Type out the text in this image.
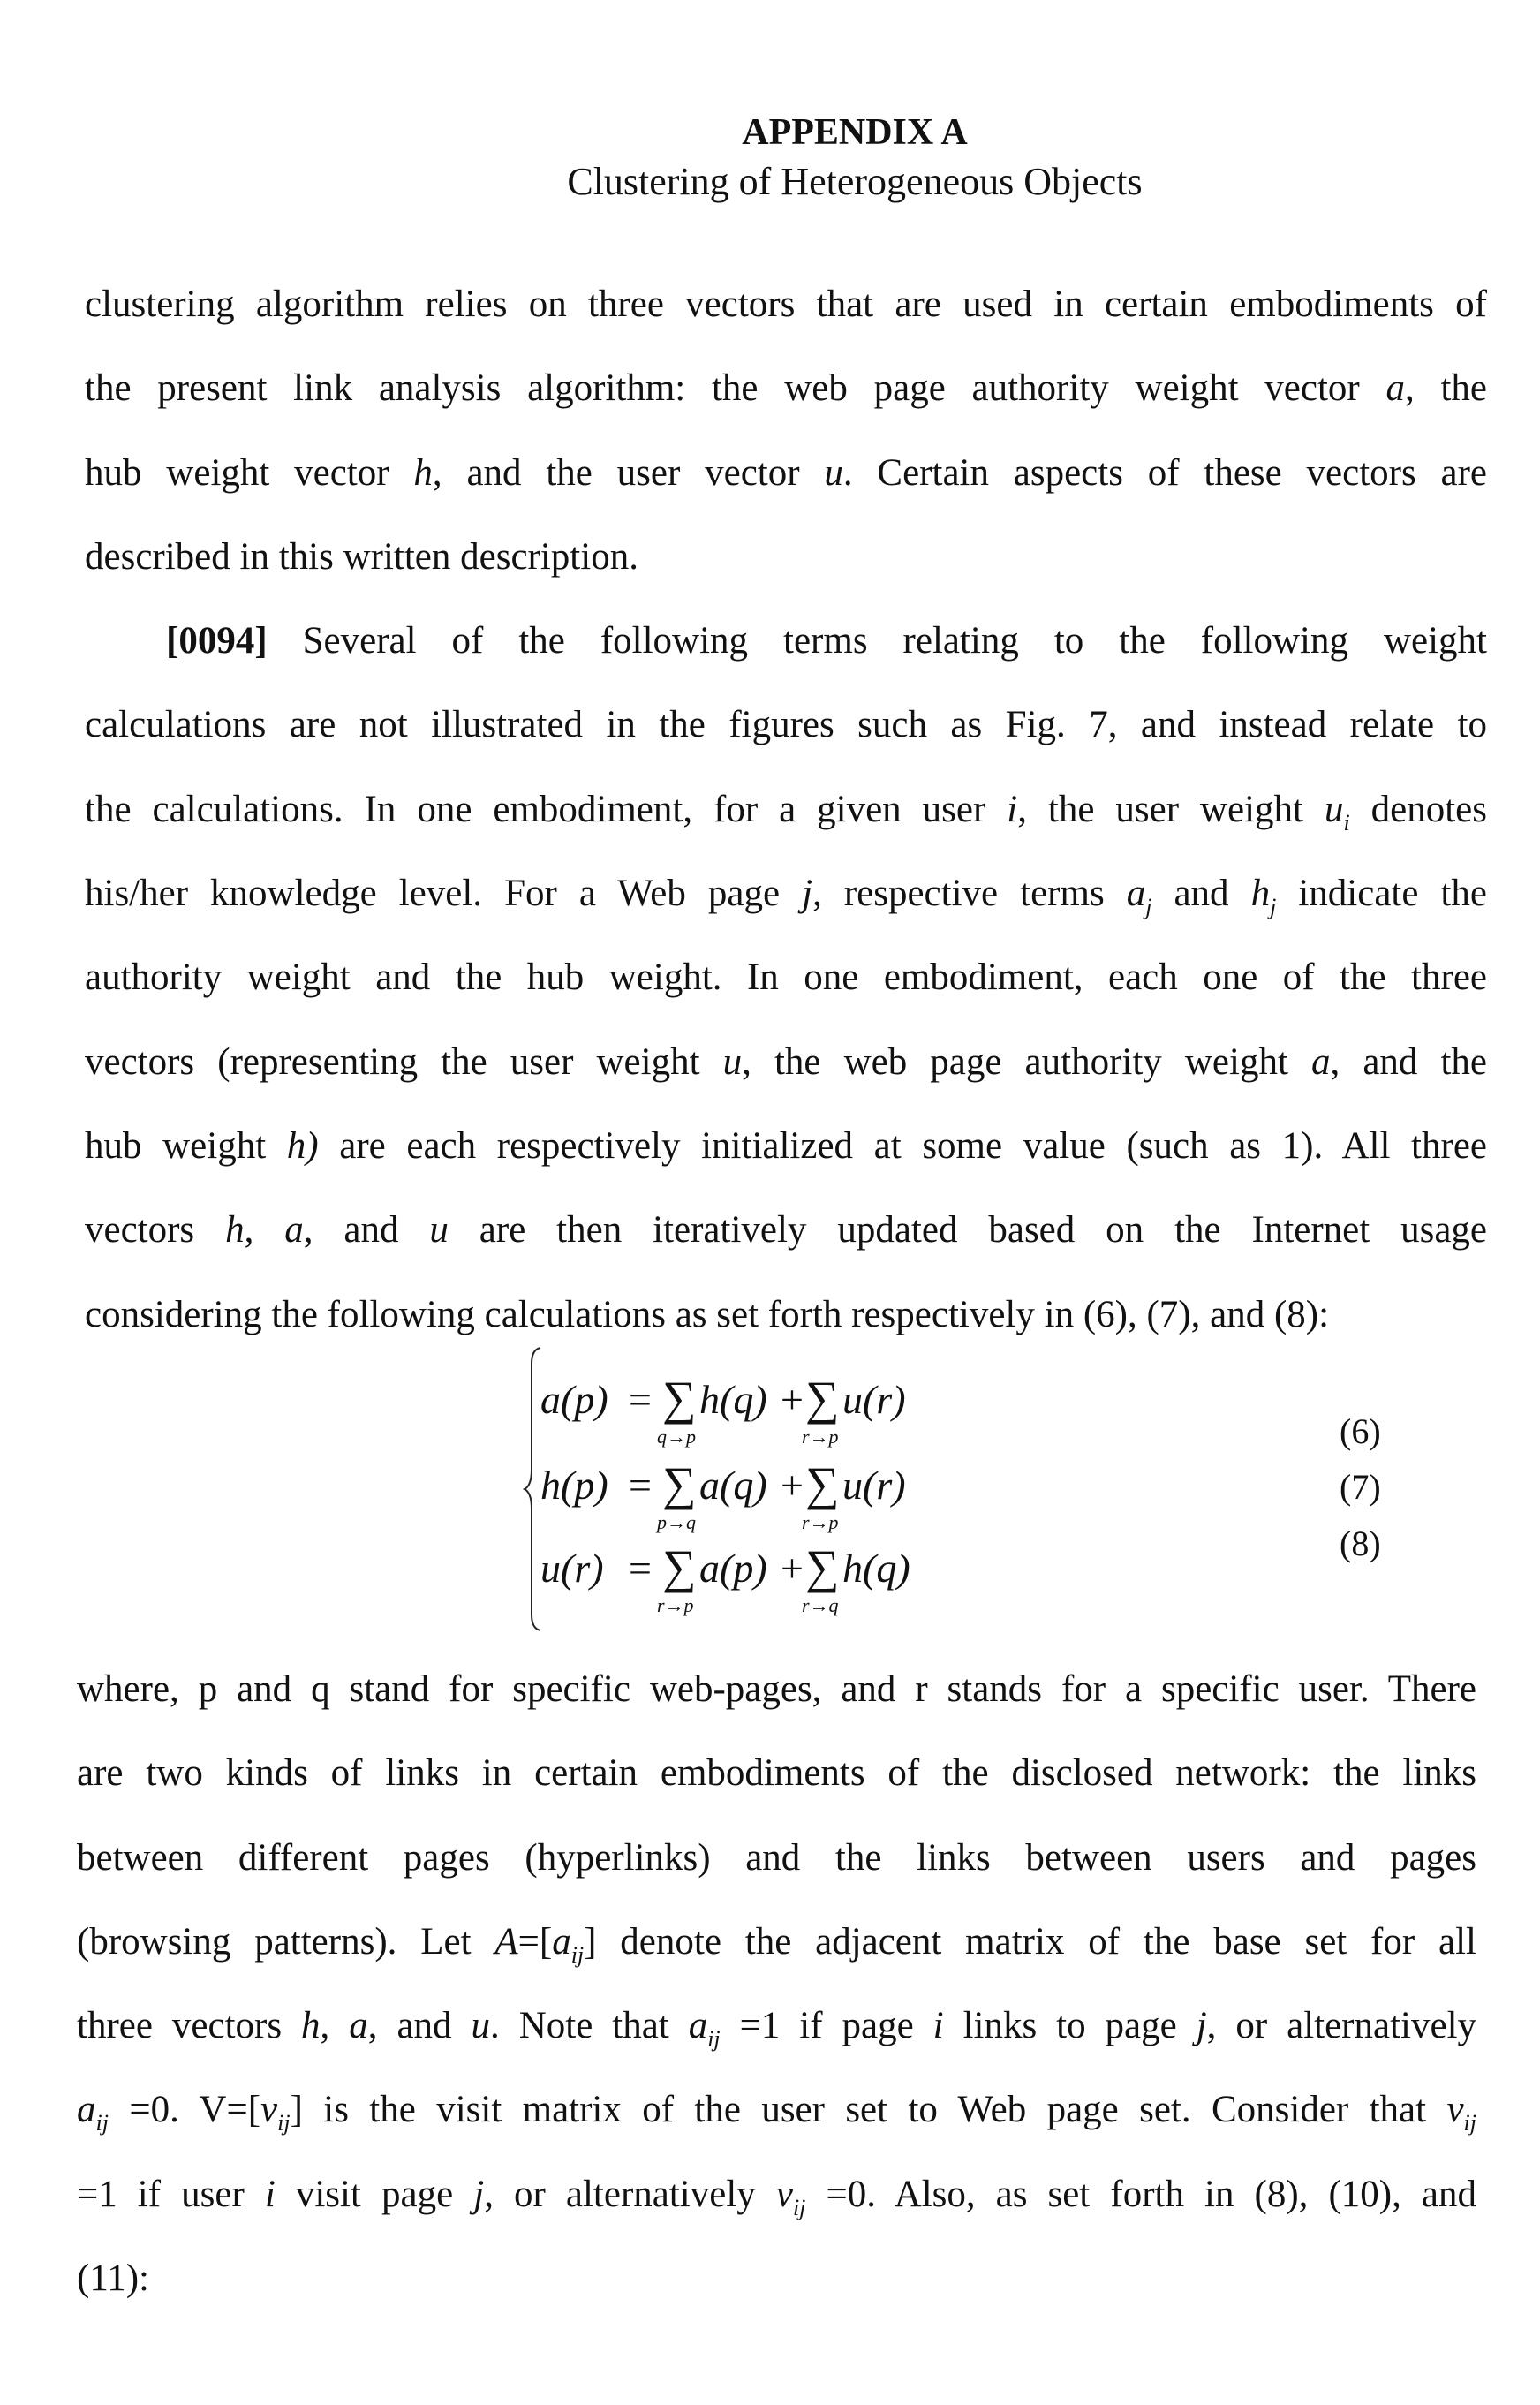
APPENDIX A
Clustering of Heterogeneous Objects
clustering algorithm relies on three vectors that are used in certain embodiments of
the present link analysis algorithm: the web page authority weight vector a, the
hub weight vector h, and the user vector u. Certain aspects of these vectors are
described in this written description.
[0094] Several of the following terms relating to the following weight
calculations are not illustrated in the figures such as Fig. 7, and instead relate to
the calculations. In one embodiment, for a given user i, the user weight ui denotes
his/her knowledge level. For a Web page j, respective terms aj and hj indicate the
authority weight and the hub weight. In one embodiment, each one of the three
vectors (representing the user weight u, the web page authority weight a, and the
hub weight h) are each respectively initialized at some value (such as 1). All three
vectors h, a, and u are then iteratively updated based on the Internet usage
considering the following calculations as set forth respectively in (6), (7), and (8):
a(p) = ∑
q→p
h(q) + ∑
r→p
u(r)
h(p) = ∑
p→q
a(q) + ∑
r→p
u(r)
u(r) = ∑
r→p
a(p) + ∑
r→q
h(q)
(6)
(7)
(8)
where, p and q stand for specific web-pages, and r stands for a specific user. There
are two kinds of links in certain embodiments of the disclosed network: the links
between different pages (hyperlinks) and the links between users and pages
(browsing patterns). Let A=[aij] denote the adjacent matrix of the base set for all
three vectors h, a, and u. Note that aij =1 if page i links to page j, or alternatively
aij =0. V=[vij] is the visit matrix of the user set to Web page set. Consider that vij
=1 if user i visit page j, or alternatively vij =0. Also, as set forth in (8), (10), and
(11):
